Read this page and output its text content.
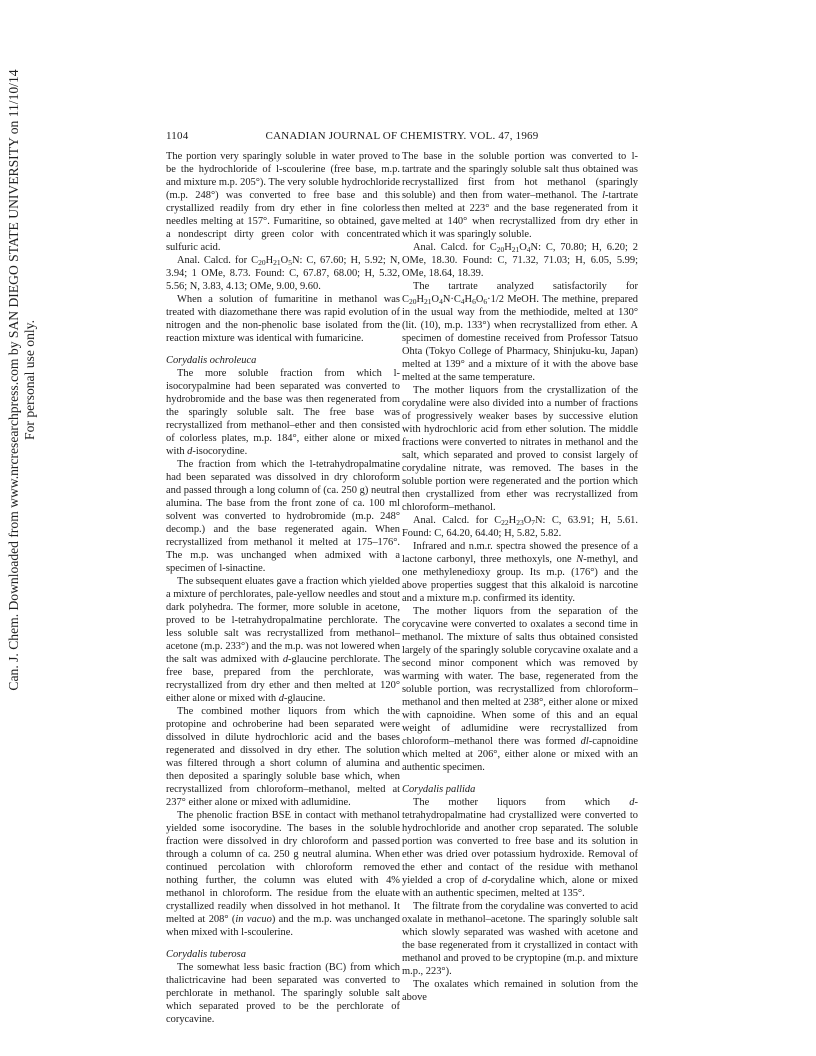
Can. J. Chem. Downloaded from www.nrcresearchpress.com by SAN DIEGO STATE UNIVERSITY on 11/10/14 For personal use only.
1104	CANADIAN JOURNAL OF CHEMISTRY. VOL. 47, 1969

The portion very sparingly soluble in water proved to be the hydrochloride of l-scoulerine (free base, m.p. and mixture m.p. 205°). The very soluble hydrochloride (m.p. 248°) was converted to free base and this crystallized readily from dry ether in fine colorless needles melting at 157°. Fumaritine, so obtained, gave a nondescript dirty green color with concentrated sulfuric acid.

Anal. Calcd. for $C_{20}H_{21}O_5N$: C, 67.60; H, 5.92; N, 3.94; 1 OMe, 8.73. Found: C, 67.87, 68.00; H, 5.32, 5.56; N, 3.83, 4.13; OMe, 9.00, 9.60.

When a solution of fumaritine in methanol was treated with diazomethane there was rapid evolution of nitrogen and the non-phenolic base isolated from the reaction mixture was identical with fumaricine.

Corydalis ochroleuca

The more soluble fraction from which l-isocorypalmine had been separated was converted to hydrobromide and the base was then regenerated from the sparingly soluble salt. The free base was recrystallized from methanol–ether and then consisted of colorless plates, m.p. 184°, either alone or mixed with d-isocorydine.

The fraction from which the l-tetrahydropalmatine had been separated was dissolved in dry chloroform and passed through a long column of (ca. 250 g) neutral alumina. The base from the front zone of ca. 100 ml solvent was converted to hydrobromide (m.p. 248° decomp.) and the base regenerated again. When recrystallized from methanol it melted at 175–176°. The m.p. was unchanged when admixed with a specimen of l-sinactine.

The subsequent eluates gave a fraction which yielded a mixture of perchlorates, pale-yellow needles and stout dark polyhedra. The former, more soluble in acetone, proved to be l-tetrahydropalmatine perchlorate. The less soluble salt was recrystallized from methanol–acetone (m.p. 233°) and the m.p. was not lowered when the salt was admixed with d-glaucine perchlorate. The free base, prepared from the perchlorate, was recrystallized from dry ether and then melted at 120° either alone or mixed with d-glaucine.

The combined mother liquors from which the protopine and ochroberine had been separated were dissolved in dilute hydrochloric acid and the bases regenerated and dissolved in dry ether. The solution was filtered through a short column of alumina and then deposited a sparingly soluble base which, when recrystallized from chloroform–methanol, melted at 237° either alone or mixed with adlumidine.

The phenolic fraction BSE in contact with methanol yielded some isocorydine. The bases in the soluble fraction were dissolved in dry chloroform and passed through a column of ca. 250 g neutral alumina. When continued percolation with chloroform removed nothing further, the column was eluted with 4% methanol in chloroform. The residue from the eluate crystallized readily when dissolved in hot methanol. It melted at 208° (in vacuo) and the m.p. was unchanged when mixed with l-scoulerine.

Corydalis tuberosa

The somewhat less basic fraction (BC) from which thalictricavine had been separated was converted to perchlorate in methanol. The sparingly soluble salt which separated proved to be the perchlorate of corycavine.

The base in the soluble portion was converted to l-tartrate and the sparingly soluble salt thus obtained was recrystallized first from hot methanol (sparingly soluble) and then from water–methanol. The l-tartrate then melted at 223° and the base regenerated from it melted at 140° when recrystallized from dry ether in which it was sparingly soluble.

Anal. Calcd. for $C_{20}H_{21}O_4N$: C, 70.80; H, 6.20; 2 OMe, 18.30. Found: C, 71.32, 71.03; H, 6.05, 5.99; OMe, 18.64, 18.39.

The tartrate analyzed satisfactorily for $C_{20}H_{21}O_4N\cdot C_4H_6O_6\cdot 1/2$ MeOH. The methine, prepared in the usual way from the methiodide, melted at 130° (lit. (10), m.p. 133°) when recrystallized from ether. A specimen of domestine received from Professor Tatsuo Ohta (Tokyo College of Pharmacy, Shinjuku-ku, Japan) melted at 139° and a mixture of it with the above base melted at the same temperature.

The mother liquors from the crystallization of the corydaline were also divided into a number of fractions of progressively weaker bases by successive elution with hydrochloric acid from ether solution. The middle fractions were converted to nitrates in methanol and the salt, which separated and proved to consist largely of corydaline nitrate, was removed. The bases in the soluble portion were regenerated and the portion which then crystallized from ether was recrystallized from chloroform–methanol.

Anal. Calcd. for $C_{22}H_{23}O_7N$: C, 63.91; H, 5.61. Found: C, 64.20, 64.40; H, 5.82, 5.82.

Infrared and n.m.r. spectra showed the presence of a lactone carbonyl, three methoxyls, one N-methyl, and one methylenedioxy group. Its m.p. (176°) and the above properties suggest that this alkaloid is narcotine and a mixture m.p. confirmed its identity.

The mother liquors from the separation of the corycavine were converted to oxalates a second time in methanol. The mixture of salts thus obtained consisted largely of the sparingly soluble corycavine oxalate and a second minor component which was removed by warming with water. The base, regenerated from the soluble portion, was recrystallized from chloroform–methanol and then melted at 238°, either alone or mixed with capnoidine. When some of this and an equal weight of adlumidine were recrystallized from chloroform–methanol there was formed dl-capnoidine which melted at 206°, either alone or mixed with an authentic specimen.

Corydalis pallida

The mother liquors from which d-tetrahydropalmatine had crystallized were converted to hydrochloride and another crop separated. The soluble portion was converted to free base and its solution in ether was dried over potassium hydroxide. Removal of the ether and contact of the residue with methanol yielded a crop of d-corydaline which, alone or mixed with an authentic specimen, melted at 135°.

The filtrate from the corydaline was converted to acid oxalate in methanol–acetone. The sparingly soluble salt which slowly separated was washed with acetone and the base regenerated from it crystallized in contact with methanol and proved to be cryptopine (m.p. and mixture m.p., 223°).

The oxalates which remained in solution from the above
